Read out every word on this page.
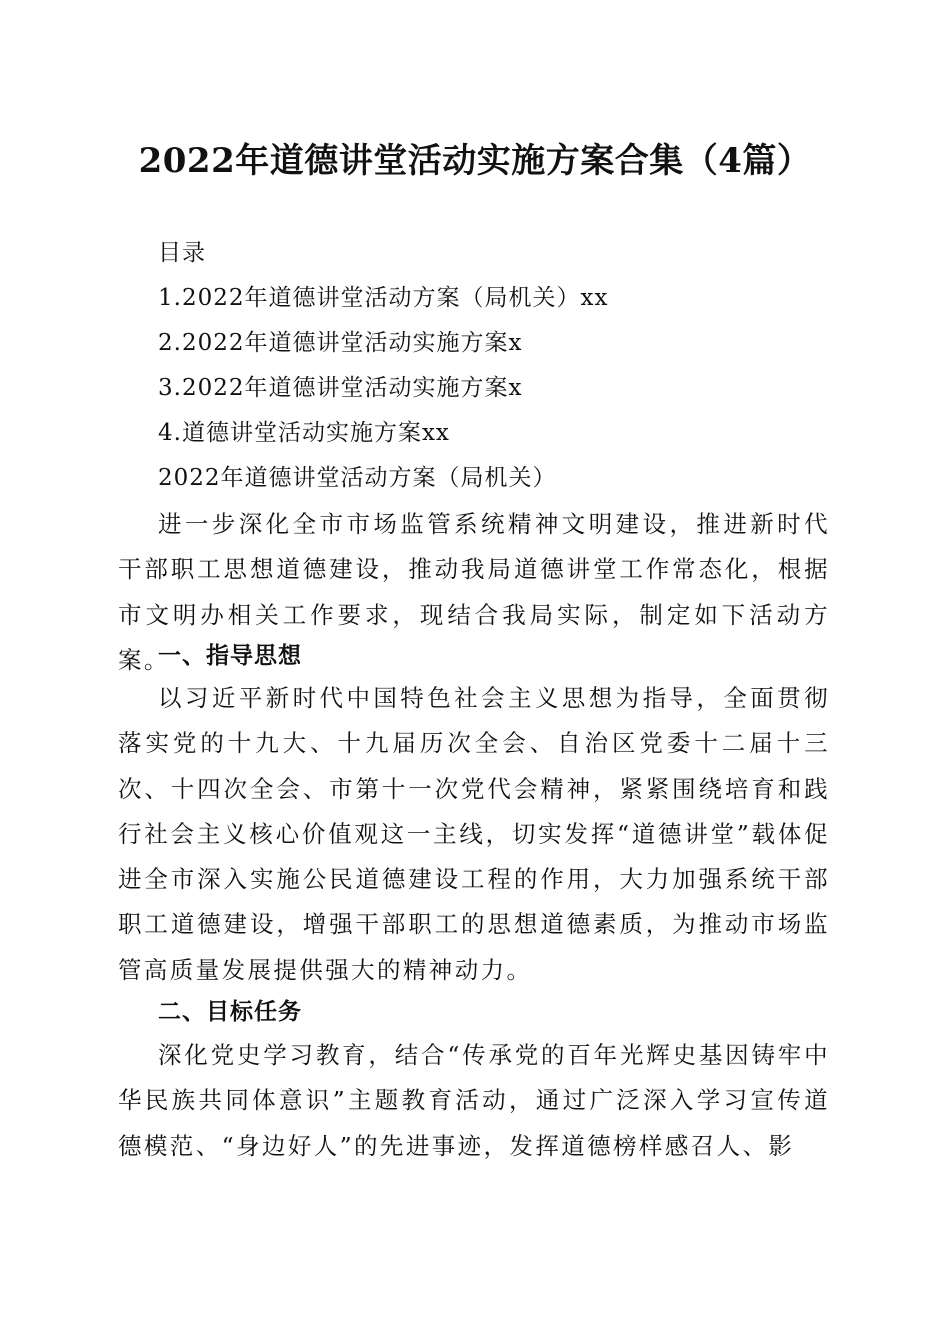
2022年道德讲堂活动实施方案合集（4篇）
目录
1.2022年道德讲堂活动方案（局机关）xx
2.2022年道德讲堂活动实施方案x
3.2022年道德讲堂活动实施方案x
4.道德讲堂活动实施方案xx
2022年道德讲堂活动方案（局机关）

进一步深化全市市场监管系统精神文明建设，推进新时代干部职工思想道德建设，推动我局道德讲堂工作常态化，根据市文明办相关工作要求，现结合我局实际，制定如下活动方案。

一、指导思想

以习近平新时代中国特色社会主义思想为指导，全面贯彻落实党的十九大、十九届历次全会、自治区党委十二届十三次、十四次全会、市第十一次党代会精神，紧紧围绕培育和践行社会主义核心价值观这一主线，切实发挥“道德讲堂”载体促进全市深入实施公民道德建设工程的作用，大力加强系统干部职工道德建设，增强干部职工的思想道德素质，为推动市场监管高质量发展提供强大的精神动力。

二、目标任务

深化党史学习教育，结合“传承党的百年光辉史基因铸牢中华民族共同体意识”主题教育活动，通过广泛深入学习宣传道德模范、“身边好人”的先进事迹，发挥道德榜样感召人、影
